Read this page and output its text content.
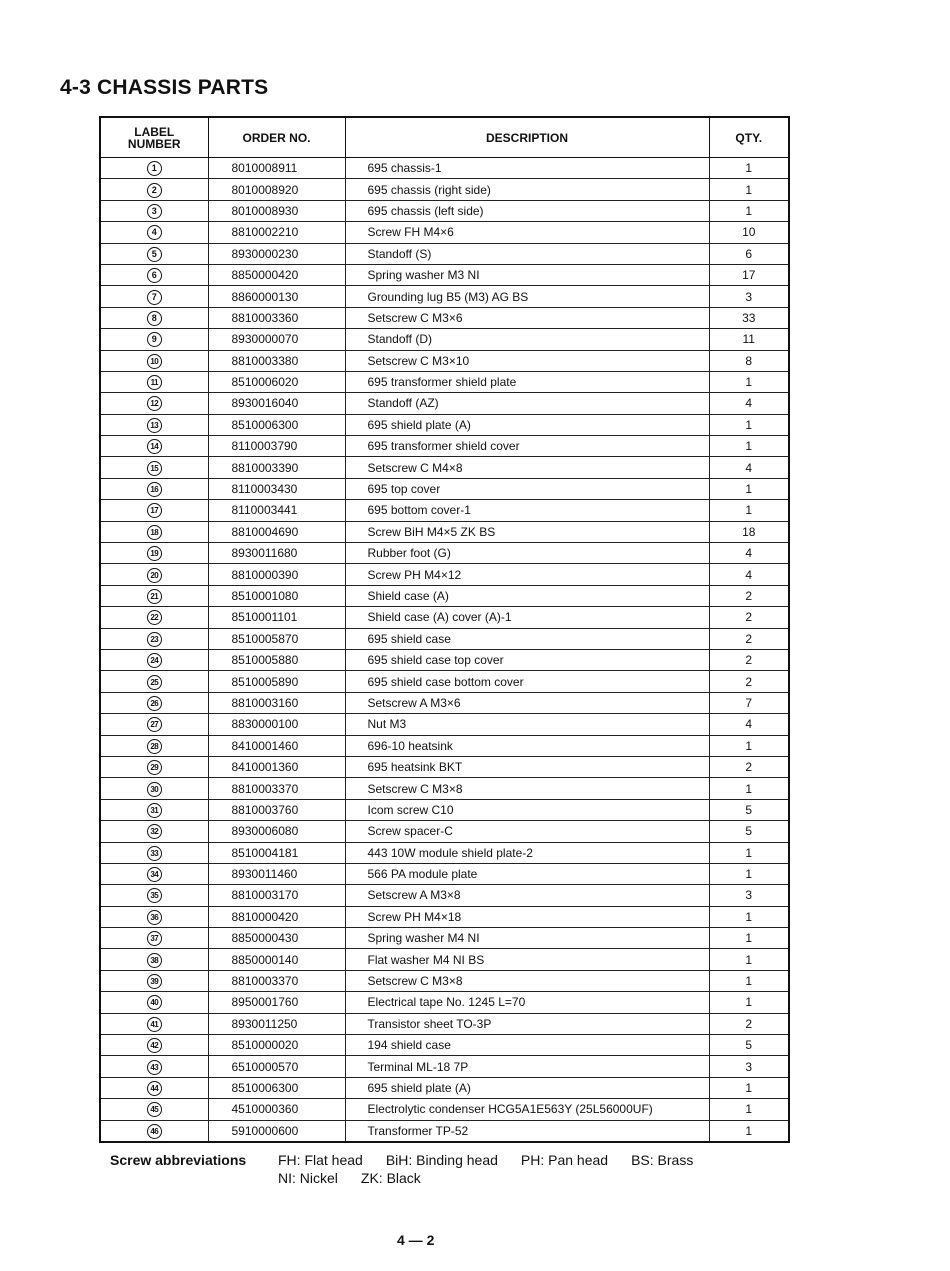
4-3 CHASSIS PARTS
LABEL NUMBER	ORDER NO.	DESCRIPTION	QTY.
1	8010008911	695 chassis-1	1
2	8010008920	695 chassis (right side)	1
3	8010008930	695 chassis (left side)	1
4	8810002210	Screw FH M4×6	10
5	8930000230	Standoff (S)	6
6	8850000420	Spring washer M3 NI	17
7	8860000130	Grounding lug B5 (M3) AG BS	3
8	8810003360	Setscrew C M3×6	33
9	8930000070	Standoff (D)	11
10	8810003380	Setscrew C M3×10	8
11	8510006020	695 transformer shield plate	1
12	8930016040	Standoff (AZ)	4
13	8510006300	695 shield plate (A)	1
14	8110003790	695 transformer shield cover	1
15	8810003390	Setscrew C M4×8	4
16	8110003430	695 top cover	1
17	8110003441	695 bottom cover-1	1
18	8810004690	Screw BiH M4×5 ZK BS	18
19	8930011680	Rubber foot (G)	4
20	8810000390	Screw PH M4×12	4
21	8510001080	Shield case (A)	2
22	8510001101	Shield case (A) cover (A)-1	2
23	8510005870	695 shield case	2
24	8510005880	695 shield case top cover	2
25	8510005890	695 shield case bottom cover	2
26	8810003160	Setscrew A M3×6	7
27	8830000100	Nut M3	4
28	8410001460	696-10 heatsink	1
29	8410001360	695 heatsink BKT	2
30	8810003370	Setscrew C M3×8	1
31	8810003760	Icom screw C10	5
32	8930006080	Screw spacer-C	5
33	8510004181	443 10W module shield plate-2	1
34	8930011460	566 PA module plate	1
35	8810003170	Setscrew A M3×8	3
36	8810000420	Screw PH M4×18	1
37	8850000430	Spring washer M4 NI	1
38	8850000140	Flat washer M4 NI BS	1
39	8810003370	Setscrew C M3×8	1
40	8950001760	Electrical tape No. 1245 L=70	1
41	8930011250	Transistor sheet TO-3P	2
42	8510000020	194 shield case	5
43	6510000570	Terminal ML-18 7P	3
44	8510006300	695 shield plate (A)	1
45	4510000360	Electrolytic condenser HCG5A1E563Y (25L56000UF)	1
46	5910000600	Transformer TP-52	1
Screw abbreviations FH: Flat head BiH: Binding head PH: Pan head BS: Brass
NI: Nickel ZK: Black
4 — 2
